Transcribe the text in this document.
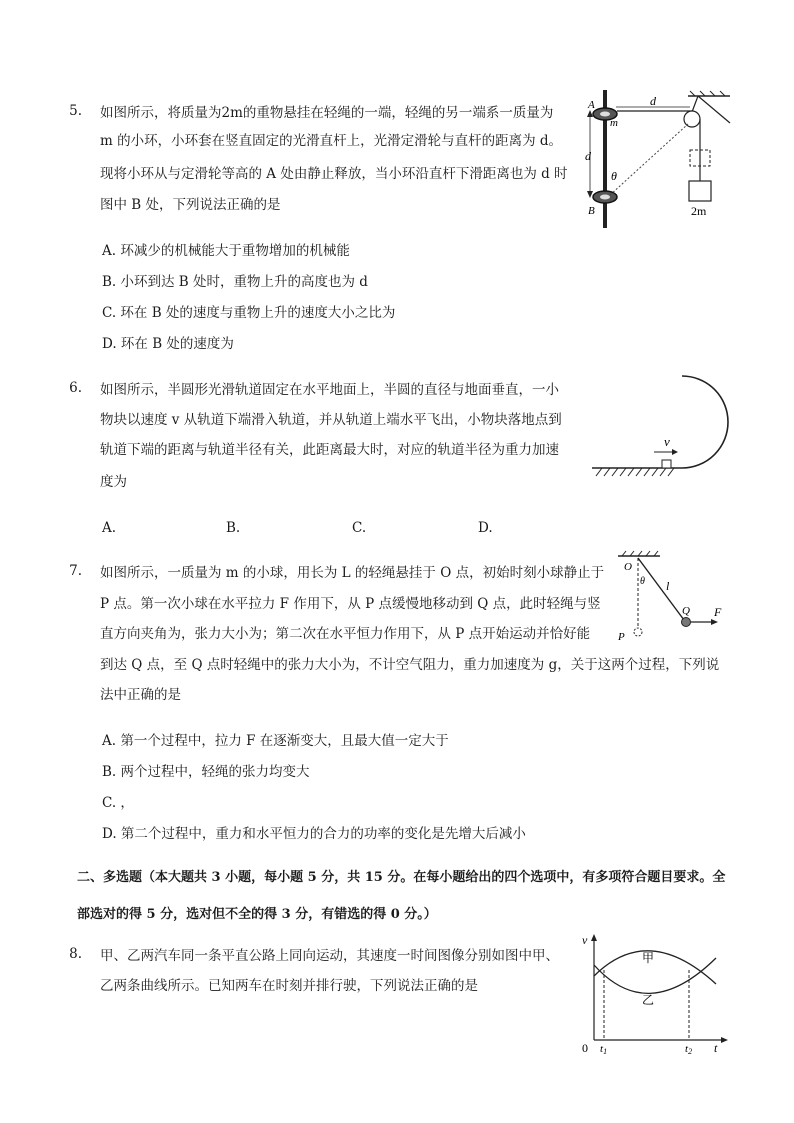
5. 如图所示，将质量为2m的重物悬挂在轻绳的一端，轻绳的另一端系一质量为
m 的小环，小环套在竖直固定的光滑直杆上，光滑定滑轮与直杆的距离为 d。
现将小环从与定滑轮等高的 A 处由静止释放，当小环沿直杆下滑距离也为 d 时
图中 B 处，下列说法正确的是
A. 环减少的机械能大于重物增加的机械能
B. 小环到达 B 处时，重物上升的高度也为 d
C. 环在 B 处的速度与重物上升的速度大小之比为
D. 环在 B 处的速度为
d
2m
θ
d
A
m
B
6. 如图所示，半圆形光滑轨道固定在水平地面上，半圆的直径与地面垂直，一小
物块以速度 v 从轨道下端滑入轨道，并从轨道上端水平飞出，小物块落地点到
轨道下端的距离与轨道半径有关，此距离最大时，对应的轨道半径为重力加速
度为
A.	B.	C.	D.
v
7. 如图所示，一质量为 m 的小球，用长为 L 的轻绳悬挂于 O 点，初始时刻小球静止于
P 点。第一次小球在水平拉力 F 作用下，从 P 点缓慢地移动到 Q 点，此时轻绳与竖
直方向夹角为，张力大小为；第二次在水平恒力作用下，从 P 点开始运动并恰好能
到达 Q 点，至 Q 点时轻绳中的张力大小为，不计空气阻力，重力加速度为 g，关于这两个过程，下列说
法中正确的是
A. 第一个过程中，拉力 F 在逐渐变大，且最大值一定大于
B. 两个过程中，轻绳的张力均变大
C. ，
D. 第二个过程中，重力和水平恒力的合力的功率的变化是先增大后减小
O
θ l
Q F
P
二、多选题（本大题共 3 小题，每小题 5 分，共 15 分。在每小题给出的四个选项中，有多项符合题目要求。全
部选对的得 5 分，选对但不全的得 3 分，有错选的得 0 分。）
8. 甲、乙两汽车同一条平直公路上同向运动，其速度一时间图像分别如图中甲、
乙两条曲线所示。已知两车在时刻并排行驶，下列说法正确的是
v
t
0
甲
乙
t1	t2
